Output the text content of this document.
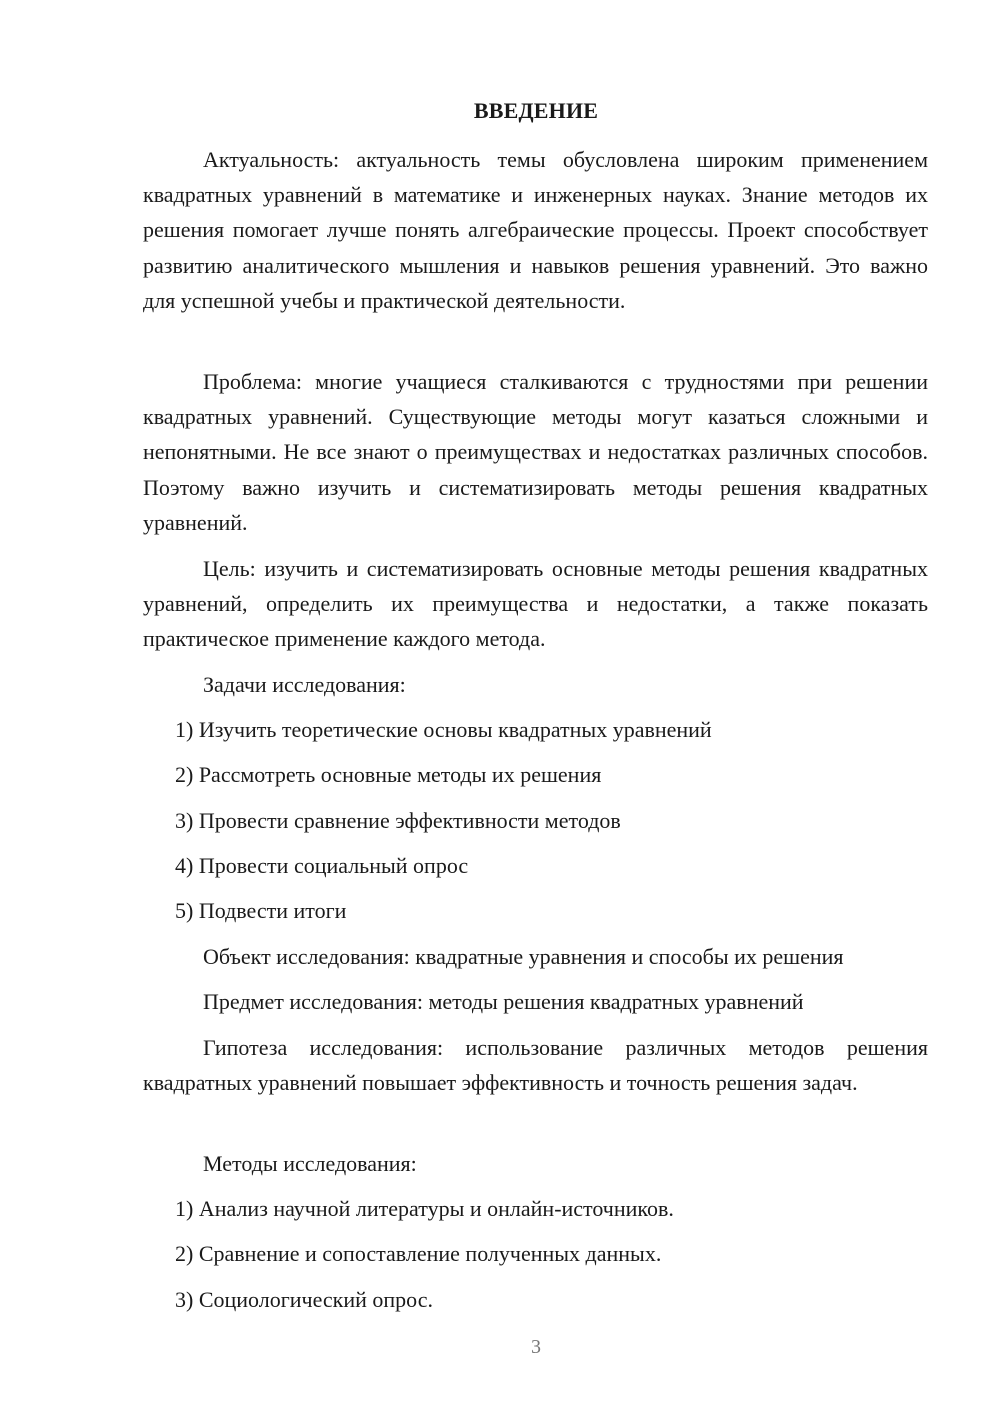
ВВЕДЕНИЕ

Актуальность: актуальность темы обусловлена широким применением квадратных уравнений в математике и инженерных науках. Знание методов их решения помогает лучше понять алгебраические процессы. Проект способствует развитию аналитического мышления и навыков решения уравнений. Это важно для успешной учебы и практической деятельности.

Проблема: многие учащиеся сталкиваются с трудностями при решении квадратных уравнений. Существующие методы могут казаться сложными и непонятными. Не все знают о преимуществах и недостатках различных способов. Поэтому важно изучить и систематизировать методы решения квадратных уравнений.

Цель: изучить и систематизировать основные методы решения квадратных уравнений, определить их преимущества и недостатки, а также показать практическое применение каждого метода.

Задачи исследования:

1) Изучить теоретические основы квадратных уравнений

2) Рассмотреть основные методы их решения

3) Провести сравнение эффективности методов

4) Провести социальный опрос

5) Подвести итоги

Объект исследования: квадратные уравнения и способы их решения

Предмет исследования: методы решения квадратных уравнений

Гипотеза исследования: использование различных методов решения квадратных уравнений повышает эффективность и точность решения задач.

Методы исследования:

1) Анализ научной литературы и онлайн-источников.

2) Сравнение и сопоставление полученных данных.

3) Социологический опрос.

3
